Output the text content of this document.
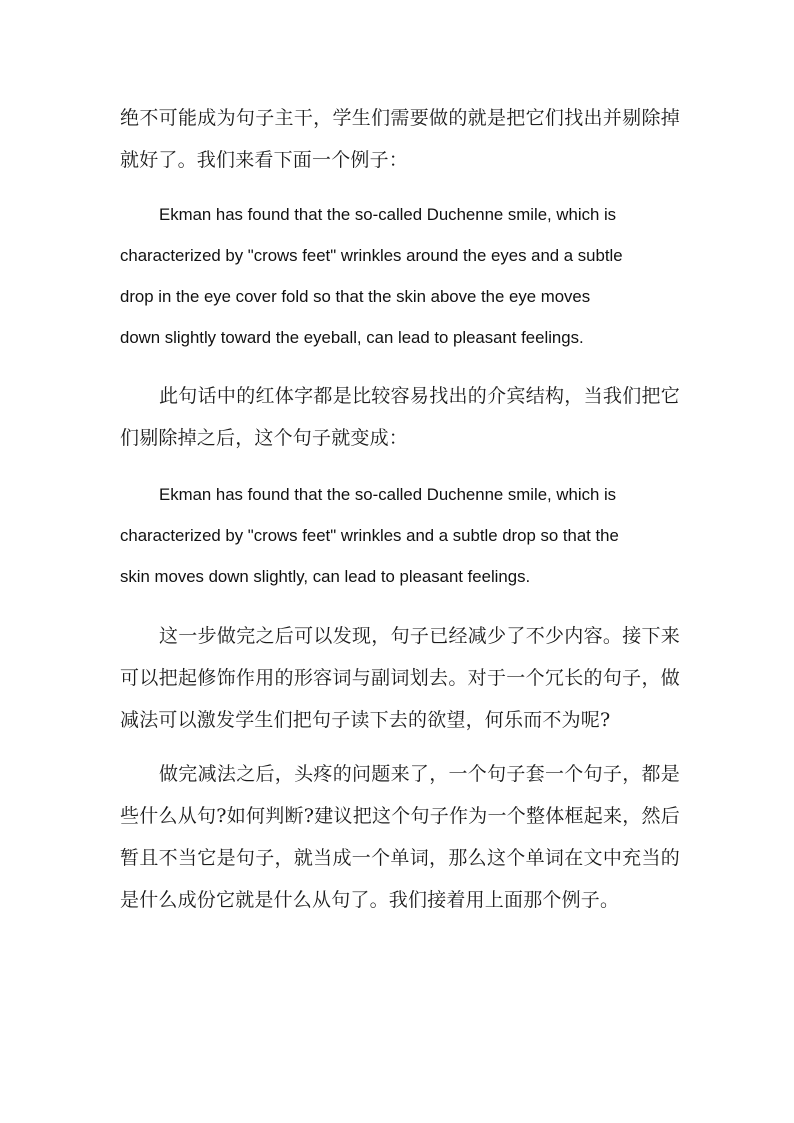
绝不可能成为句子主干，学生们需要做的就是把它们找出并剔除掉就好了。我们来看下面一个例子：

Ekman has found that the so-called Duchenne smile, which is
characterized by "crows feet" wrinkles around the eyes and a subtle
drop in the eye cover fold so that the skin above the eye moves
down slightly toward the eyeball, can lead to pleasant feelings.

此句话中的红体字都是比较容易找出的介宾结构，当我们把它们剔除掉之后，这个句子就变成：

Ekman has found that the so-called Duchenne smile, which is
characterized by "crows feet" wrinkles and a subtle drop so that the
skin moves down slightly, can lead to pleasant feelings.

这一步做完之后可以发现，句子已经减少了不少内容。接下来可以把起修饰作用的形容词与副词划去。对于一个冗长的句子，做减法可以激发学生们把句子读下去的欲望，何乐而不为呢?

做完减法之后，头疼的问题来了，一个句子套一个句子，都是些什么从句?如何判断?建议把这个句子作为一个整体框起来，然后暂且不当它是句子，就当成一个单词，那么这个单词在文中充当的是什么成份它就是什么从句了。我们接着用上面那个例子。
